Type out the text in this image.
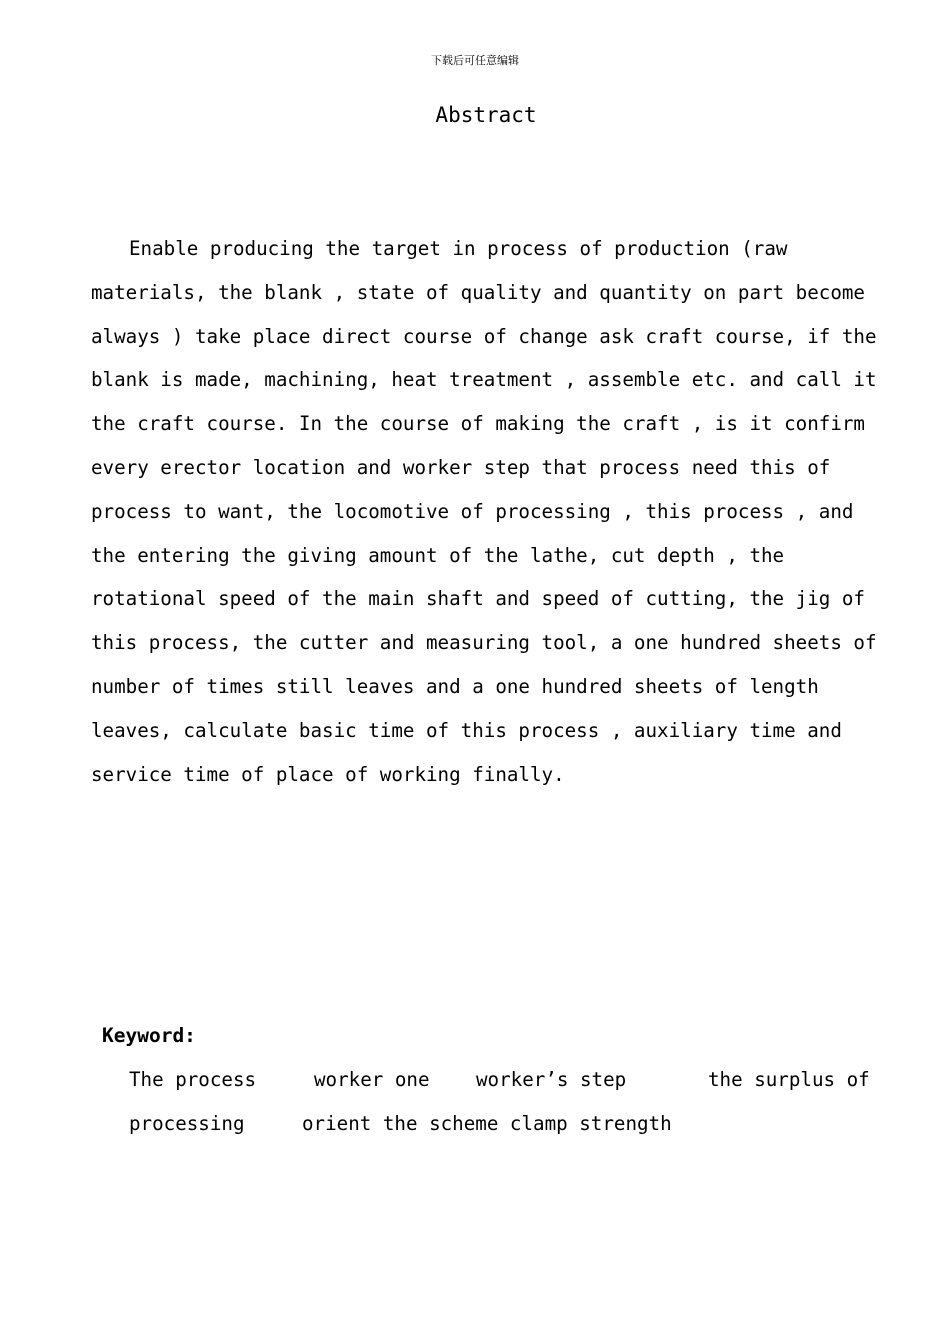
下载后可任意编辑
Abstract

Enable producing the target in process of production (raw materials, the blank , state of quality and quantity on part become always ) take place direct course of change ask craft course, if the blank is made, machining, heat treatment , assemble etc. and call it the craft course. In the course of making the craft , is it confirm every erector location and worker step that process need this of process to want, the locomotive of processing , this process , and the entering the giving amount of the lathe, cut depth , the rotational speed of the main shaft and speed of cutting, the jig of this process, the cutter and measuring tool, a one hundred sheets of number of times still leaves and a one hundred sheets of length leaves, calculate basic time of this process , auxiliary time and service time of place of working finally.

Keyword:
The process	worker one worker’s step	the surplus of
processing	orient the scheme clamp strength
